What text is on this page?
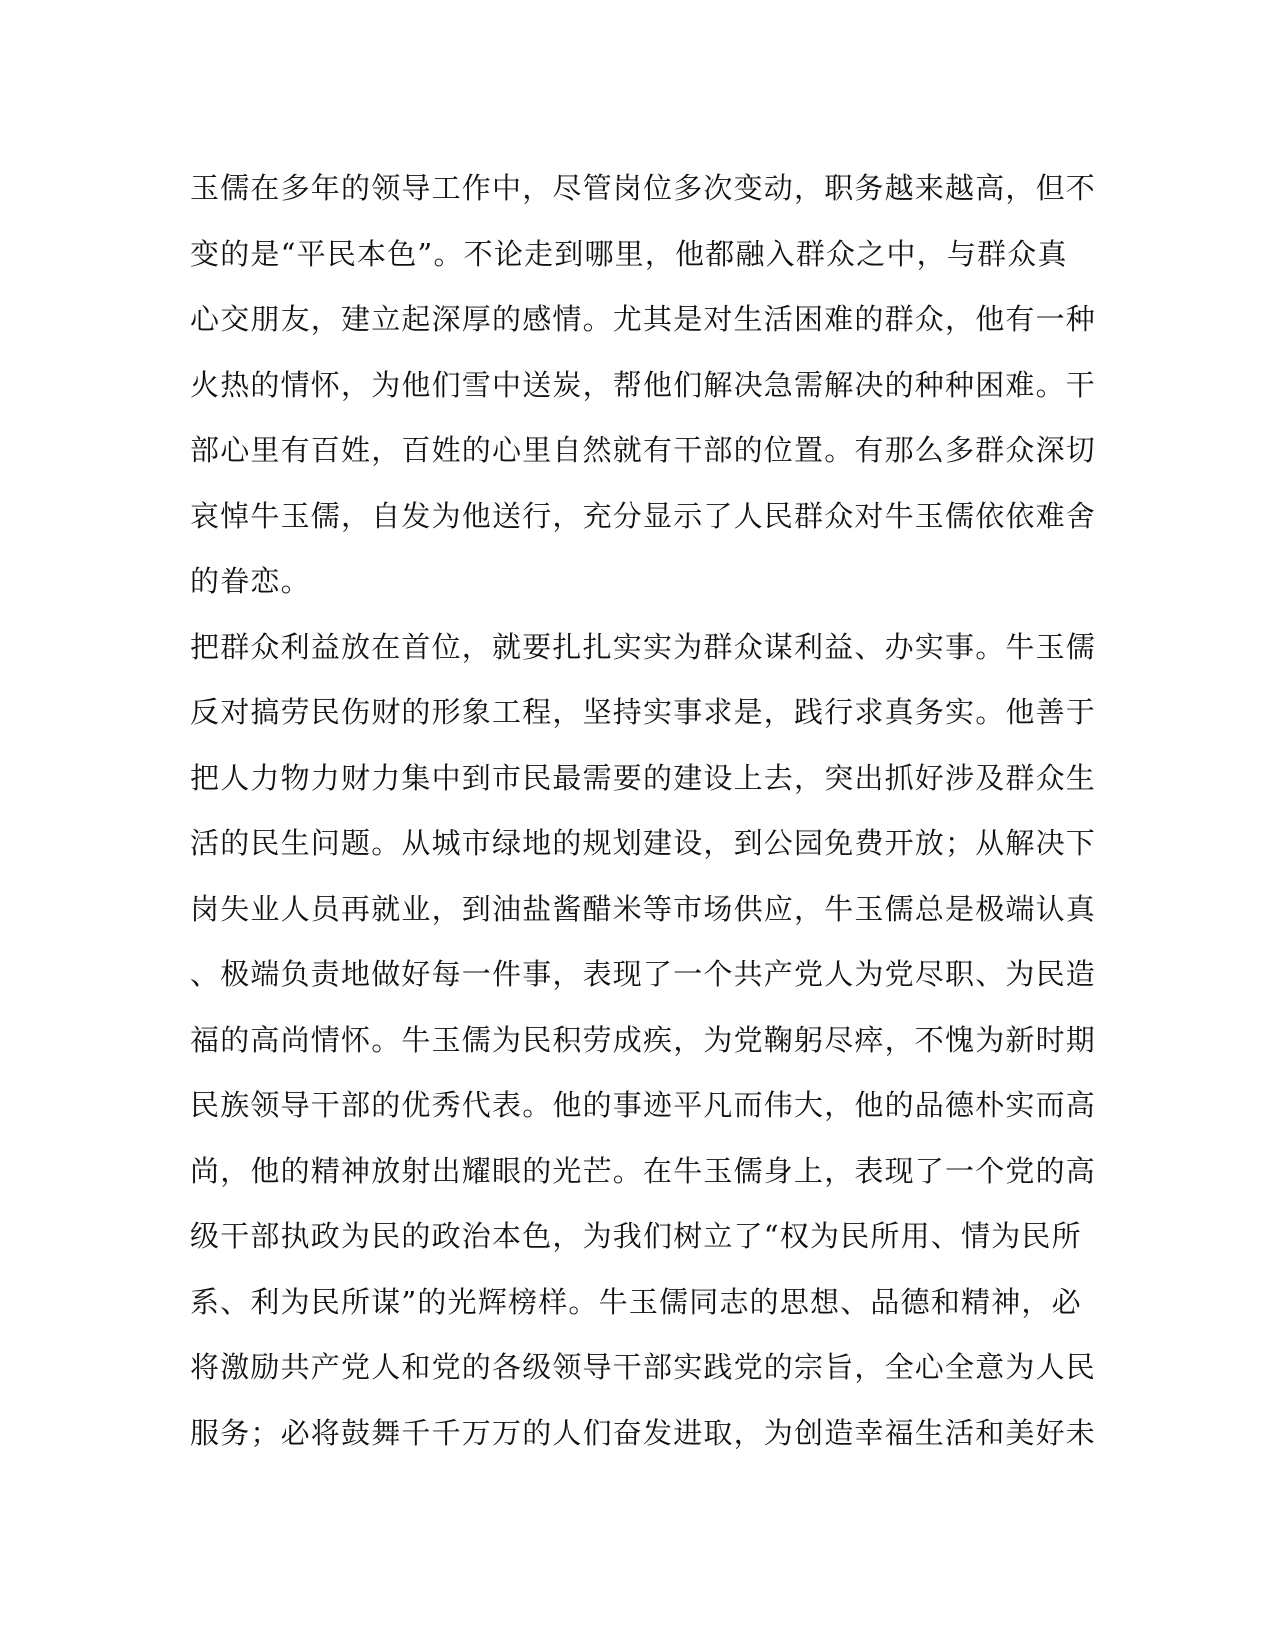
玉儒在多年的领导工作中，尽管岗位多次变动，职务越来越高，但不
变的是“平民本色”。不论走到哪里，他都融入群众之中，与群众真
心交朋友，建立起深厚的感情。尤其是对生活困难的群众，他有一种
火热的情怀，为他们雪中送炭，帮他们解决急需解决的种种困难。干
部心里有百姓，百姓的心里自然就有干部的位置。有那么多群众深切
哀悼牛玉儒，自发为他送行，充分显示了人民群众对牛玉儒依依难舍
的眷恋。
把群众利益放在首位，就要扎扎实实为群众谋利益、办实事。牛玉儒
反对搞劳民伤财的形象工程，坚持实事求是，践行求真务实。他善于
把人力物力财力集中到市民最需要的建设上去，突出抓好涉及群众生
活的民生问题。从城市绿地的规划建设，到公园免费开放；从解决下
岗失业人员再就业，到油盐酱醋米等市场供应，牛玉儒总是极端认真
、极端负责地做好每一件事，表现了一个共产党人为党尽职、为民造
福的高尚情怀。牛玉儒为民积劳成疾，为党鞠躬尽瘁，不愧为新时期
民族领导干部的优秀代表。他的事迹平凡而伟大，他的品德朴实而高
尚，他的精神放射出耀眼的光芒。在牛玉儒身上，表现了一个党的高
级干部执政为民的政治本色，为我们树立了“权为民所用、情为民所
系、利为民所谋”的光辉榜样。牛玉儒同志的思想、品德和精神，必
将激励共产党人和党的各级领导干部实践党的宗旨，全心全意为人民
服务；必将鼓舞千千万万的人们奋发进取，为创造幸福生活和美好未
